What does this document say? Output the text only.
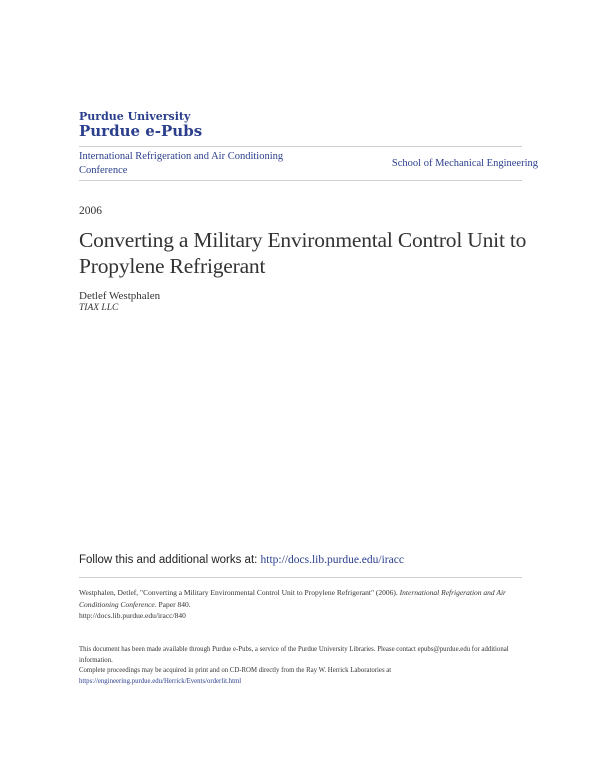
Purdue University
Purdue e-Pubs
International Refrigeration and Air Conditioning Conference
School of Mechanical Engineering
2006
Converting a Military Environmental Control Unit to Propylene Refrigerant
Detlef Westphalen
TIAX LLC
Follow this and additional works at: http://docs.lib.purdue.edu/iracc
Westphalen, Detlef, "Converting a Military Environmental Control Unit to Propylene Refrigerant" (2006). International Refrigeration and Air Conditioning Conference. Paper 840.
http://docs.lib.purdue.edu/iracc/840

This document has been made available through Purdue e-Pubs, a service of the Purdue University Libraries. Please contact epubs@purdue.edu for additional information.

Complete proceedings may be acquired in print and on CD-ROM directly from the Ray W. Herrick Laboratories at https://engineering.purdue.edu/Herrick/Events/orderlit.html
